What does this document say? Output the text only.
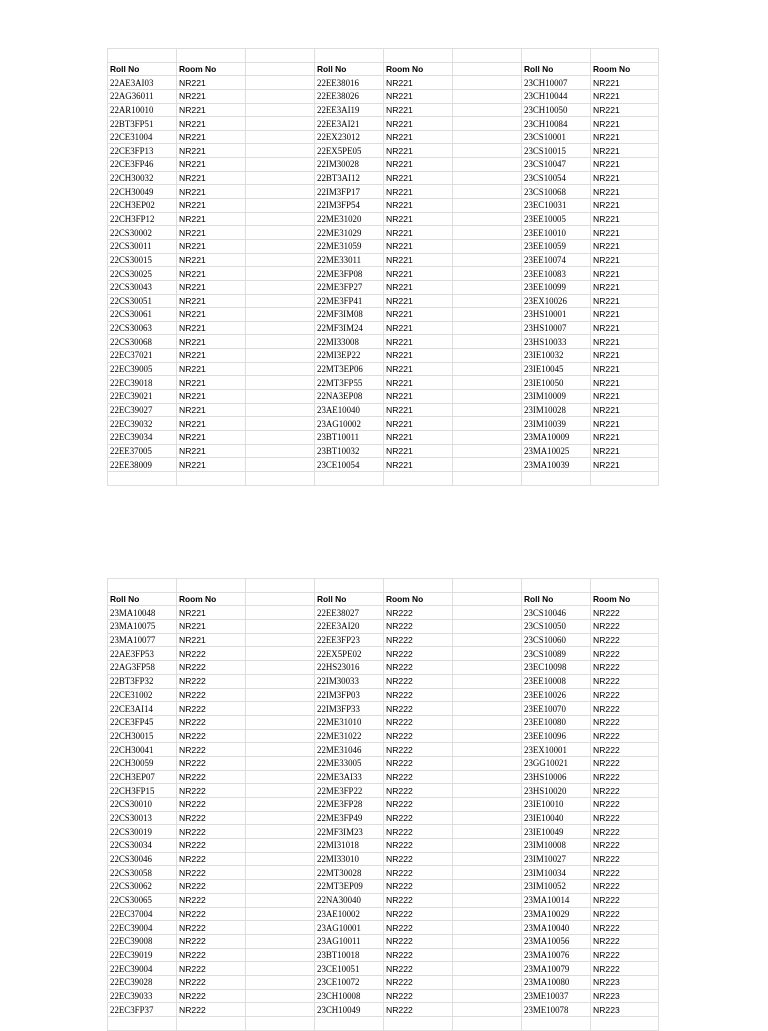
Roll No	Room No		Roll No	Room No		Roll No	Room No
22AE3AI03	NR221		22EE38016	NR221		23CH10007	NR221
22AG36011	NR221		22EE38026	NR221		23CH10044	NR221
22AR10010	NR221		22EE3AI19	NR221		23CH10050	NR221
22BT3FP51	NR221		22EE3AI21	NR221		23CH10084	NR221
22CE31004	NR221		22EX23012	NR221		23CS10001	NR221
22CE3FP13	NR221		22EX5PE05	NR221		23CS10015	NR221
22CE3FP46	NR221		22IM30028	NR221		23CS10047	NR221
22CH30032	NR221		22BT3AI12	NR221		23CS10054	NR221
22CH30049	NR221		22IM3FP17	NR221		23CS10068	NR221
22CH3EP02	NR221		22IM3FP54	NR221		23EC10031	NR221
22CH3FP12	NR221		22ME31020	NR221		23EE10005	NR221
22CS30002	NR221		22ME31029	NR221		23EE10010	NR221
22CS30011	NR221		22ME31059	NR221		23EE10059	NR221
22CS30015	NR221		22ME33011	NR221		23EE10074	NR221
22CS30025	NR221		22ME3FP08	NR221		23EE10083	NR221
22CS30043	NR221		22ME3FP27	NR221		23EE10099	NR221
22CS30051	NR221		22ME3FP41	NR221		23EX10026	NR221
22CS30061	NR221		22MF3IM08	NR221		23HS10001	NR221
22CS30063	NR221		22MF3IM24	NR221		23HS10007	NR221
22CS30068	NR221		22MI33008	NR221		23HS10033	NR221
22EC37021	NR221		22MI3EP22	NR221		23IE10032	NR221
22EC39005	NR221		22MT3EP06	NR221		23IE10045	NR221
22EC39018	NR221		22MT3FP55	NR221		23IE10050	NR221
22EC39021	NR221		22NA3EP08	NR221		23IM10009	NR221
22EC39027	NR221		23AE10040	NR221		23IM10028	NR221
22EC39032	NR221		23AG10002	NR221		23IM10039	NR221
22EC39034	NR221		23BT10011	NR221		23MA10009	NR221
22EE37005	NR221		23BT10032	NR221		23MA10025	NR221
22EE38009	NR221		23CE10054	NR221		23MA10039	NR221

Roll No	Room No		Roll No	Room No		Roll No	Room No
23MA10048	NR221		22EE38027	NR222		23CS10046	NR222
23MA10075	NR221		22EE3AI20	NR222		23CS10050	NR222
23MA10077	NR221		22EE3FP23	NR222		23CS10060	NR222
22AE3FP53	NR222		22EX5PE02	NR222		23CS10089	NR222
22AG3FP58	NR222		22HS23016	NR222		23EC10098	NR222
22BT3FP32	NR222		22IM30033	NR222		23EE10008	NR222
22CE31002	NR222		22IM3FP03	NR222		23EE10026	NR222
22CE3AI14	NR222		22IM3FP33	NR222		23EE10070	NR222
22CE3FP45	NR222		22ME31010	NR222		23EE10080	NR222
22CH30015	NR222		22ME31022	NR222		23EE10096	NR222
22CH30041	NR222		22ME31046	NR222		23EX10001	NR222
22CH30059	NR222		22ME33005	NR222		23GG10021	NR222
22CH3EP07	NR222		22ME3AI33	NR222		23HS10006	NR222
22CH3FP15	NR222		22ME3FP22	NR222		23HS10020	NR222
22CS30010	NR222		22ME3FP28	NR222		23IE10010	NR222
22CS30013	NR222		22ME3FP49	NR222		23IE10040	NR222
22CS30019	NR222		22MF3IM23	NR222		23IE10049	NR222
22CS30034	NR222		22MI31018	NR222		23IM10008	NR222
22CS30046	NR222		22MI33010	NR222		23IM10027	NR222
22CS30058	NR222		22MT30028	NR222		23IM10034	NR222
22CS30062	NR222		22MT3EP09	NR222		23IM10052	NR222
22CS30065	NR222		22NA30040	NR222		23MA10014	NR222
22EC37004	NR222		23AE10002	NR222		23MA10029	NR222
22EC39004	NR222		23AG10001	NR222		23MA10040	NR222
22EC39008	NR222		23AG10011	NR222		23MA10056	NR222
22EC39019	NR222		23BT10018	NR222		23MA10076	NR222
22EC39004	NR222		23CE10051	NR222		23MA10079	NR222
22EC39028	NR222		23CE10072	NR222		23MA10080	NR223
22EC39033	NR222		23CH10008	NR222		23ME10037	NR223
22EC3FP37	NR222		23CH10049	NR222		23ME10078	NR223
